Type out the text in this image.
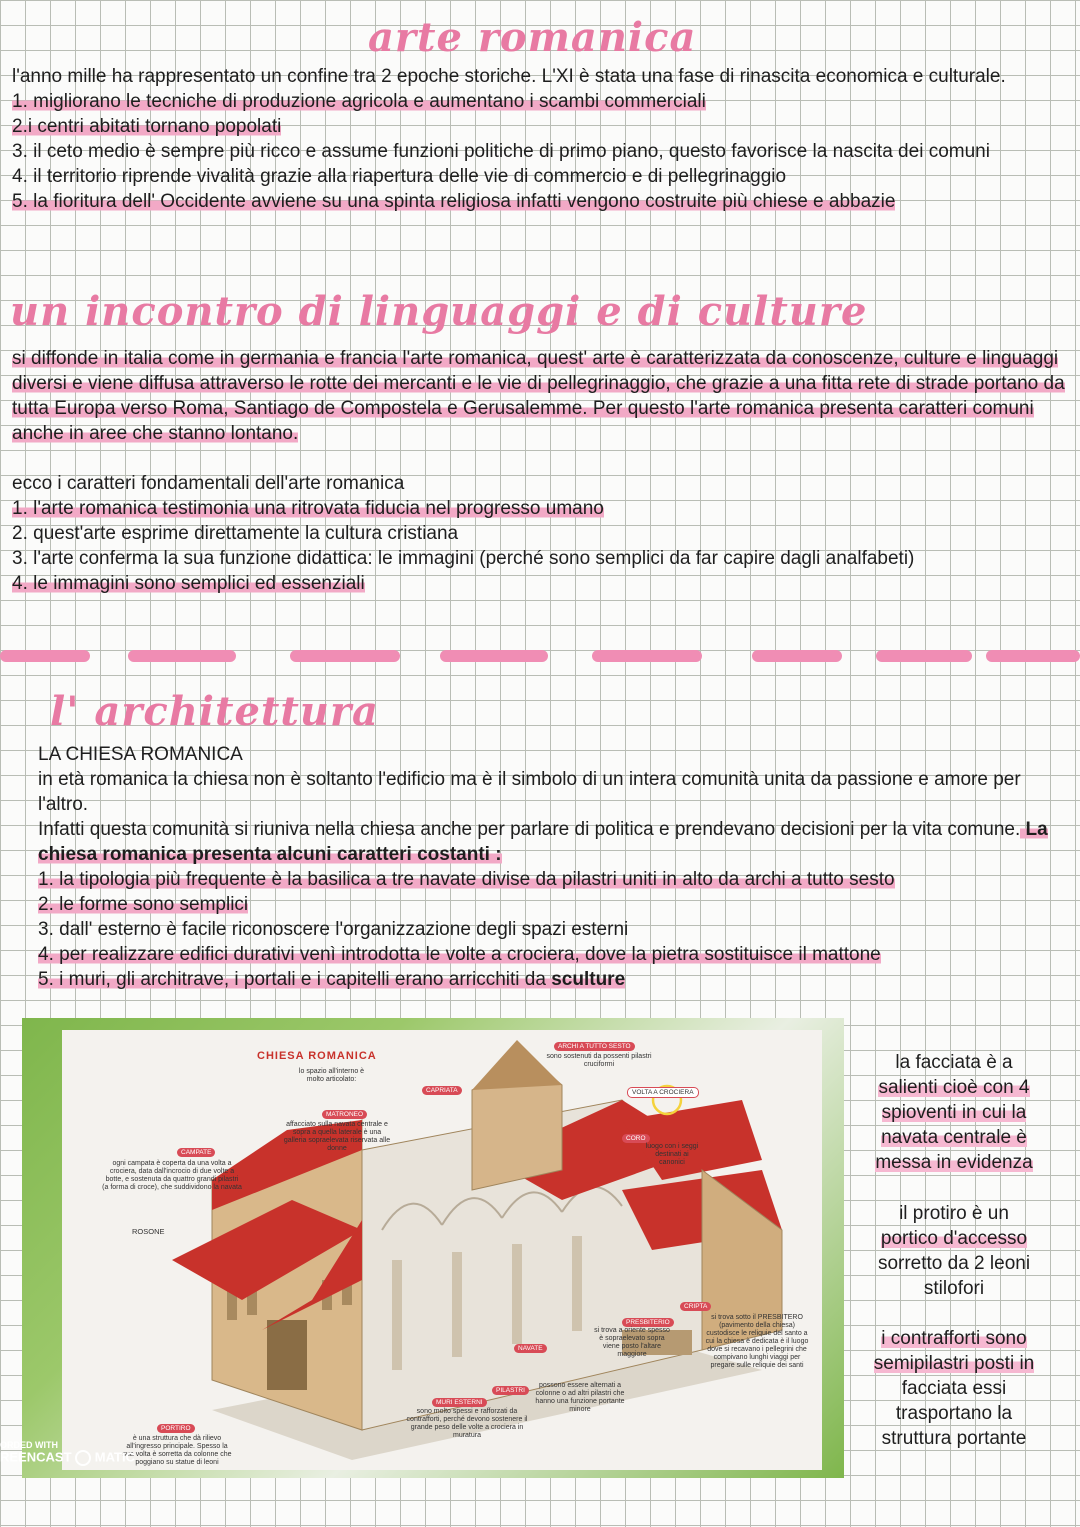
arte romanica

l'anno mille ha rappresentato un confine tra 2 epoche storiche. L'XI è stata una fase di rinascita economica e culturale.

1. migliorano le tecniche di produzione agricola e aumentano i scambi commerciali
2.i centri abitati tornano popolati
3. il ceto medio è sempre più ricco e assume funzioni politiche di primo piano, questo favorisce la nascita dei comuni
4. il territorio riprende vivalità grazie alla riapertura delle vie di commercio e di pellegrinaggio
5. la fioritura dell' Occidente avviene su una spinta religiosa infatti vengono costruite più chiese e abbazie
un incontro di linguaggi e di culture

si diffonde in italia come in germania e francia l'arte romanica, quest' arte è caratterizzata da conoscenze, culture e linguaggi diversi e viene diffusa attraverso le rotte dei mercanti e le vie di pellegrinaggio, che grazie a una fitta rete di strade portano da tutta Europa verso Roma, Santiago de Compostela e Gerusalemme. Per questo l'arte romanica presenta caratteri comuni anche in aree che stanno lontano.

ecco i caratteri fondamentali dell'arte romanica

1. l'arte romanica testimonia una ritrovata fiducia nel progresso umano
2. quest'arte esprime direttamente la cultura cristiana
3. l'arte conferma la sua funzione didattica: le immagini (perché sono semplici da far capire dagli analfabeti)
4. le immagini sono semplici ed essenziali
l' architettura

LA CHIESA ROMANICA

in età romanica la chiesa non è soltanto l'edificio ma è il simbolo di un intera comunità unita da passione e amore per l'altro.

Infatti questa comunità si riuniva nella chiesa anche per parlare di politica e prendevano decisioni per la vita comune. La chiesa romanica presenta alcuni caratteri costanti :

1. la tipologia più frequente è la basilica a tre navate divise da pilastri uniti in alto da archi a tutto sesto
2. le forme sono semplici
3. dall' esterno è facile riconoscere l'organizzazione degli spazi esterni
4. per realizzare edifici durativi venì introdotta le volte a crociera, dove la pietra sostituisce il mattone
5. i muri, gli architrave, i portali e i capitelli erano arricchiti da sculture
CHIESA ROMANICA
lo spazio all'interno è molto articolato:
CAPRIATA
ARCHI A TUTTO SESTO
sono sostenuti da possenti pilastri cruciformi
VOLTA A CROCIERA
MATRONEO
affacciato sulla navata centrale e sopra a quella laterale è una galleria sopraelevata riservata alle donne
CAMPATE
ogni campata è coperta da una volta a crociera, data dall'incrocio di due volte a botte, e sostenuta da quattro grandi pilastri (a forma di croce), che suddividono la navata
CORO
luogo con i seggi destinati ai canonici
ROSONE
CRIPTA
si trova sotto il PRESBITERO (pavimento della chiesa) custodisce le reliquie del santo a cui la chiesa è dedicata è il luogo dove si recavano i pellegrini che compivano lunghi viaggi per pregare sulle reliquie dei santi
PRESBITERIO
si trova a oriente spesso è sopraelevato sopra viene posto l'altare maggiore
NAVATE
PILASTRI
possono essere alternati a colonne o ad altri pilastri che hanno una funzione portante minore
MURI ESTERNI
sono molto spessi e rafforzati da contrafforti, perché devono sostenere il grande peso delle volte a crociera in muratura
PORTIRO
è una struttura che dà rilievo all'ingresso principale. Spesso la sua volta è sorretta da colonne che poggiano su statue di leoni
ORDED WITH
REENCAST MATIC
la facciata è a
salienti cioè con 4
spioventi in cui la
navata centrale è
messa in evidenza
il protiro è un
portico d'accesso
sorretto da 2 leoni
stilofori
i contrafforti sono
semipilastri posti in
facciata essi
trasportano la
struttura portante
